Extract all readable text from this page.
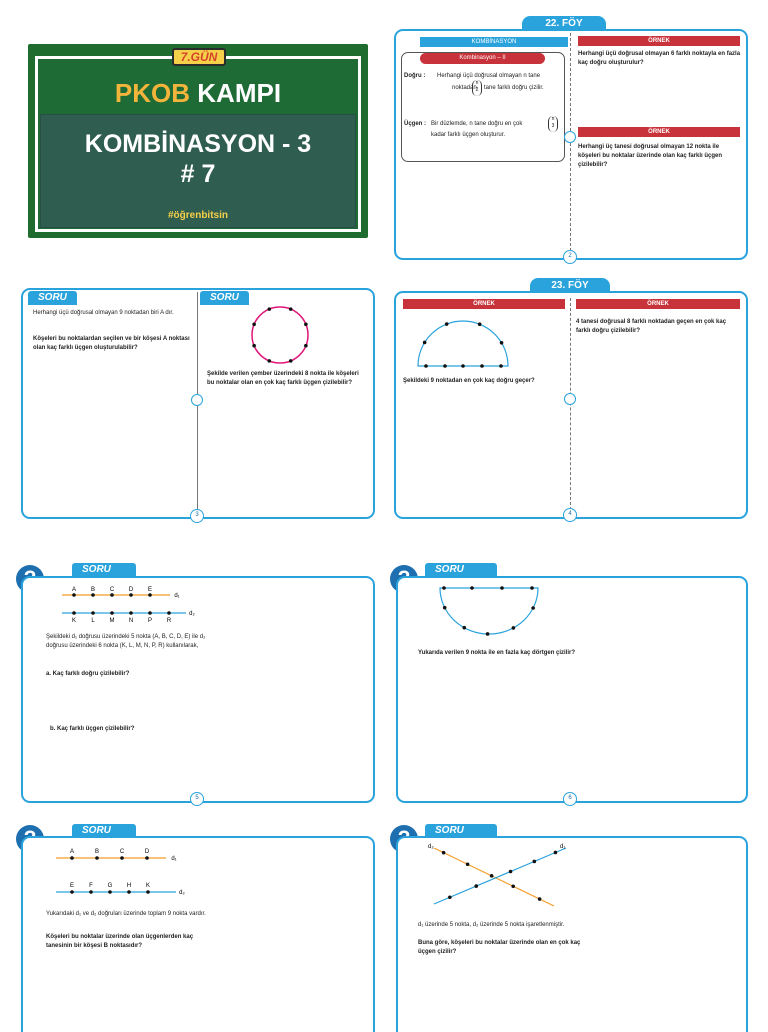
7.GÜN
PKOB KAMPI
KOMBİNASYON - 3
# 7
#öğrenbitsin
22. FÖY
KOMBİNASYON
Kombinasyon – II
Doğru : Herhangi üçü doğrusal olmayan n tane
noktadan
n
2 tane farklı doğru çizilir.
Üçgen : Bir düzlemde, n tane doğru en çok
n
3
kadar farklı üçgen oluşturur.
ÖRNEK
Herhangi üçü doğrusal olmayan 6 farklı noktayla en fazla kaç doğru oluşturulur?
ÖRNEK
Herhangi üç tanesi doğrusal olmayan 12 nokta ile köşeleri bu noktalar üzerinde olan kaç farklı üçgen çizilebilir?
2
SORU	SORU
Herhangi üçü doğrusal olmayan 9 noktadan biri A dır.
Köşeleri bu noktalardan seçilen ve bir köşesi A noktası olan kaç farklı üçgen oluşturulabilir?
Şekilde verilen çember üzerindeki 8 nokta ile köşeleri bu noktalar olan en çok kaç farklı üçgen çizilebilir?
3
23. FÖY
ÖRNEK	ÖRNEK
Şekildeki 9 noktadan en çok kaç doğru geçer?
4 tanesi doğrusal 8 farklı noktadan geçen en çok kaç farklı doğru çizilebilir?
4
SORU
A B C D E
d₁
K	L M N P R
d₂
Şekildeki d₁ doğrusu üzerindeki 5 nokta (A, B, C, D, E) ile d₂ doğrusu üzerindeki 6 nokta (K, L, M, N, P, R) kullanılarak,
a. Kaç farklı doğru çizilebilir?
b. Kaç farklı üçgen çizilebilir?
5
SORU
Yukarıda verilen 9 nokta ile en fazla kaç dörtgen çizilir?
6
SORU
A	B	C	D
d₁
E	F G H K
d₂
Yukarıdaki d₁ ve d₂ doğruları üzerinde toplam 9 nokta vardır.
Köşeleri bu noktalar üzerinde olan üçgenlerden kaç tanesinin bir köşesi B noktasıdır?
SORU
d₂	d₁
d₁ üzerinde 5 nokta, d₂ üzerinde 5 nokta işaretlenmiştir.
Buna göre, köşeleri bu noktalar üzerinde olan en çok kaç üçgen çizilir?
